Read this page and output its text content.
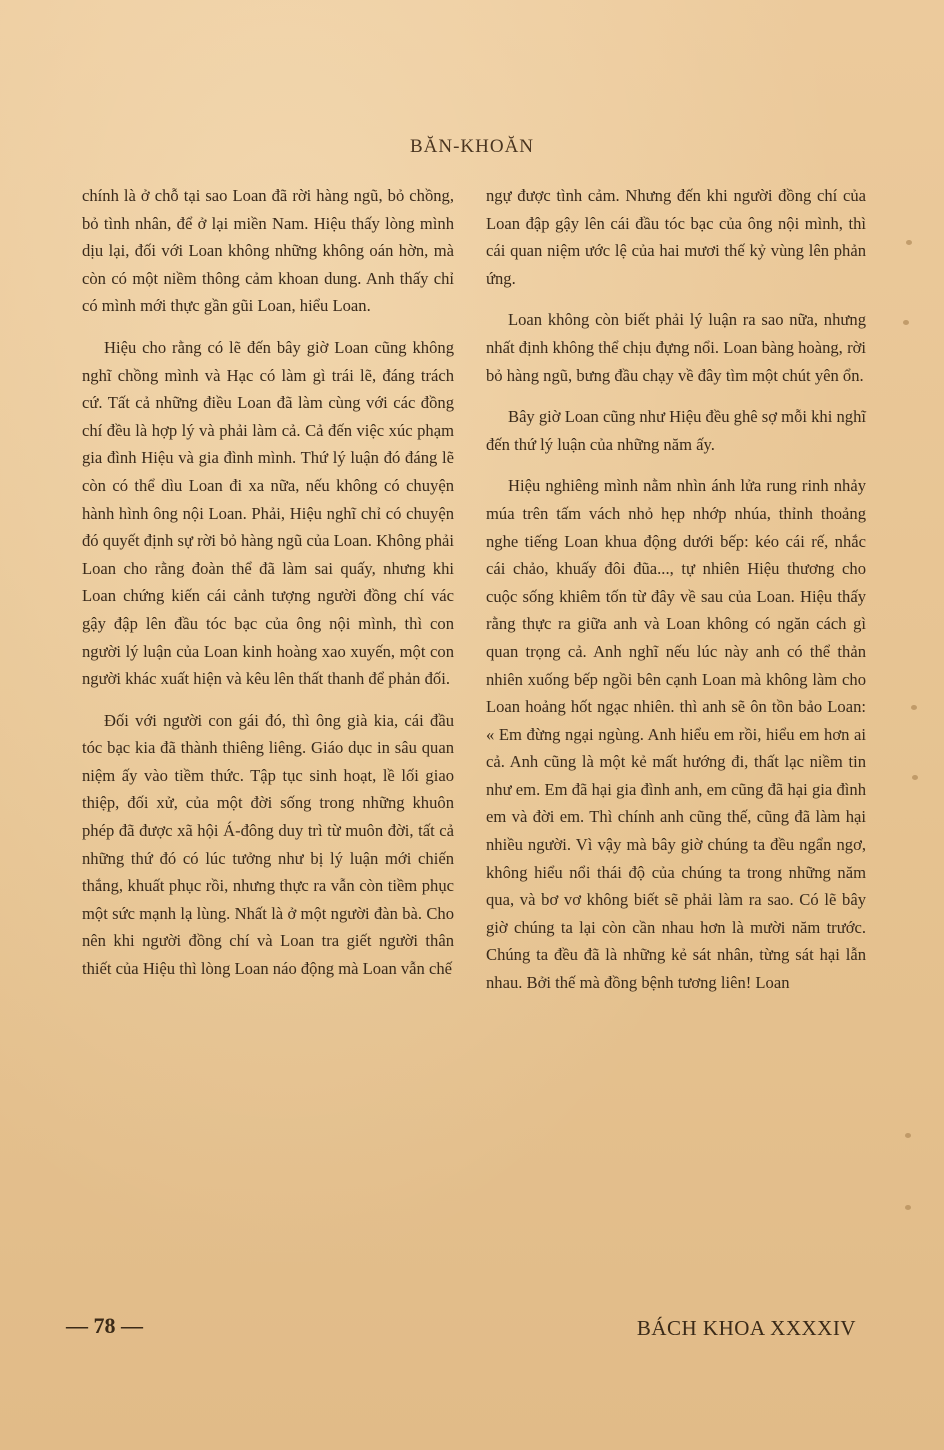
BĂN-KHOĂN

chính là ở chỗ tại sao Loan đã rời hàng ngũ, bỏ chồng, bỏ tình nhân, để ở lại miền Nam. Hiệu thấy lòng mình dịu lại, đối với Loan không những không oán hờn, mà còn có một niềm thông cảm khoan dung. Anh thấy chỉ có mình mới thực gần gũi Loan, hiểu Loan.

Hiệu cho rằng có lẽ đến bây giờ Loan cũng không nghĩ chồng mình và Hạc có làm gì trái lẽ, đáng trách cứ. Tất cả những điều Loan đã làm cùng với các đồng chí đều là hợp lý và phải làm cả. Cả đến việc xúc phạm gia đình Hiệu và gia đình mình. Thứ lý luận đó đáng lẽ còn có thể dìu Loan đi xa nữa, nếu không có chuyện hành hình ông nội Loan. Phải, Hiệu nghĩ chỉ có chuyện đó quyết định sự rời bỏ hàng ngũ của Loan. Không phải Loan cho rằng đoàn thể đã làm sai quấy, nhưng khi Loan chứng kiến cái cảnh tượng người đồng chí vác gậy đập lên đầu tóc bạc của ông nội mình, thì con người lý luận của Loan kinh hoàng xao xuyến, một con người khác xuất hiện và kêu lên thất thanh để phản đối.

Đối với người con gái đó, thì ông già kia, cái đầu tóc bạc kia đã thành thiêng liêng. Giáo dục in sâu quan niệm ấy vào tiềm thức. Tập tục sinh hoạt, lề lối giao thiệp, đối xử, của một đời sống trong những khuôn phép đã được xã hội Á-đông duy trì từ muôn đời, tất cả những thứ đó có lúc tưởng như bị lý luận mới chiến thắng, khuất phục rồi, nhưng thực ra vẫn còn tiềm phục một sức mạnh lạ lùng. Nhất là ở một người đàn bà. Cho nên khi người đồng chí và Loan tra giết người thân thiết của Hiệu thì lòng Loan náo động mà Loan vẫn chế

ngự được tình cảm. Nhưng đến khi người đồng chí của Loan đập gậy lên cái đầu tóc bạc của ông nội mình, thì cái quan niệm ước lệ của hai mươi thế kỷ vùng lên phản ứng.

Loan không còn biết phải lý luận ra sao nữa, nhưng nhất định không thể chịu đựng nổi. Loan bàng hoàng, rời bỏ hàng ngũ, bưng đầu chạy về đây tìm một chút yên ổn.

Bây giờ Loan cũng như Hiệu đều ghê sợ mỗi khi nghĩ đến thứ lý luận của những năm ấy.

Hiệu nghiêng mình nằm nhìn ánh lửa rung rinh nhảy múa trên tấm vách nhỏ hẹp nhớp nhúa, thỉnh thoảng nghe tiếng Loan khua động dưới bếp: kéo cái rế, nhắc cái chảo, khuấy đôi đũa..., tự nhiên Hiệu thương cho cuộc sống khiêm tốn từ đây về sau của Loan. Hiệu thấy rằng thực ra giữa anh và Loan không có ngăn cách gì quan trọng cả. Anh nghĩ nếu lúc này anh có thể thản nhiên xuống bếp ngồi bên cạnh Loan mà không làm cho Loan hoảng hốt ngạc nhiên. thì anh sẽ ôn tồn bảo Loan: « Em đừng ngại ngùng. Anh hiểu em rồi, hiểu em hơn ai cả. Anh cũng là một kẻ mất hướng đi, thất lạc niềm tin như em. Em đã hại gia đình anh, em cũng đã hại gia đình em và đời em. Thì chính anh cũng thế, cũng đã làm hại nhiều người. Vì vậy mà bây giờ chúng ta đều ngẩn ngơ, không hiểu nổi thái độ của chúng ta trong những năm qua, và bơ vơ không biết sẽ phải làm ra sao. Có lẽ bây giờ chúng ta lại còn cần nhau hơn là mười năm trước. Chúng ta đều đã là những kẻ sát nhân, từng sát hại lẫn nhau. Bởi thế mà đồng bệnh tương liên! Loan

— 78 —	BÁCH KHOA XXXXIV
